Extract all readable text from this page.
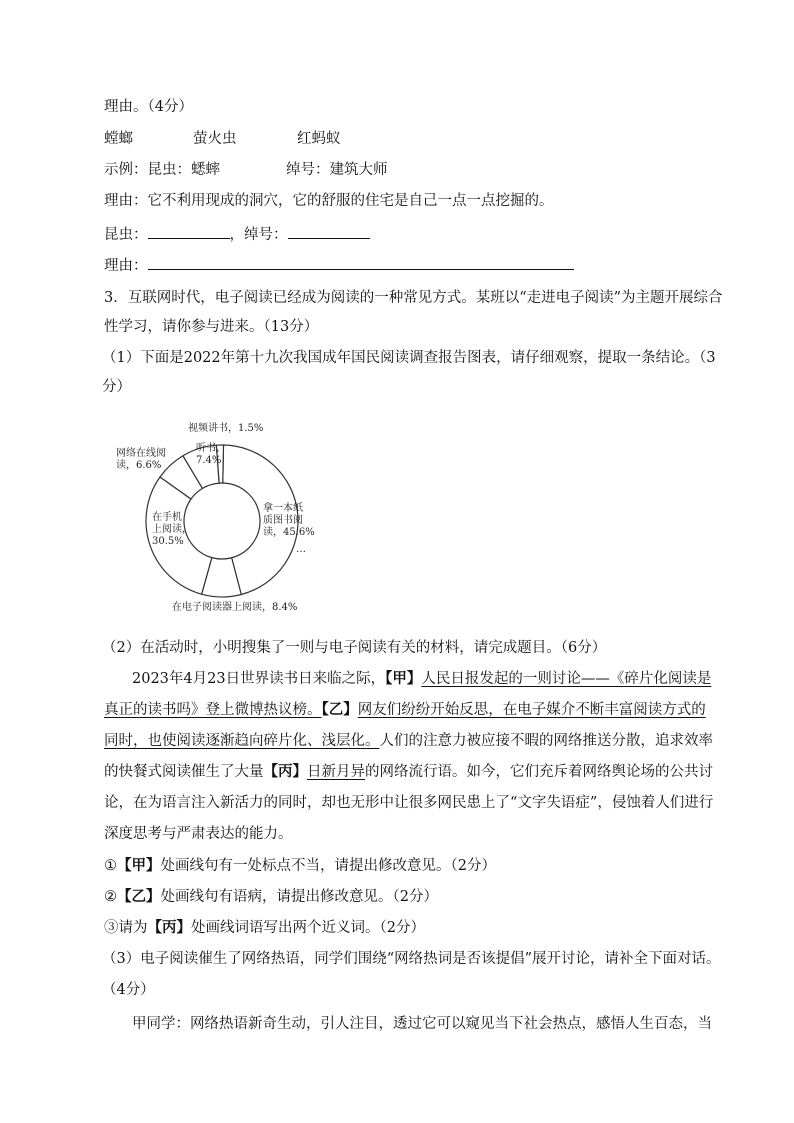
理由。（4分）
螳螂	萤火虫	红蚂蚁
示例：昆虫：蟋蟀	绰号：建筑大师
理由：它不利用现成的洞穴，它的舒服的住宅是自己一点一点挖掘的。
昆虫：	，绰号：
理由：
3．互联网时代，电子阅读已经成为阅读的一种常见方式。某班以“走进电子阅读”为主题开展综合
性学习，请你参与进来。（13分）
（1）下面是2022年第十九次我国成年国民阅读调查报告图表，请仔细观察，提取一条结论。（3
分）
视频讲书，1.5%
网络在线阅
读，6.6%
听书，
7.4%
在手机
上阅读，
30.5%
拿一本纸
质图书阅
读，45.6%
…
在电子阅读器上阅读，8.4%
（2）在活动时，小明搜集了一则与电子阅读有关的材料，请完成题目。（6分）
2023年4月23日世界读书日来临之际，【甲】人民日报发起的一则讨论——《碎片化阅读是
真正的读书吗》登上微博热议榜。【乙】网友们纷纷开始反思，在电子媒介不断丰富阅读方式的
同时，也使阅读逐渐趋向碎片化、浅层化。人们的注意力被应接不暇的网络推送分散，追求效率
的快餐式阅读催生了大量【丙】日新月异的网络流行语。如今，它们充斥着网络舆论场的公共讨
论，在为语言注入新活力的同时，却也无形中让很多网民患上了“文字失语症”，侵蚀着人们进行
深度思考与严肃表达的能力。
①【甲】处画线句有一处标点不当，请提出修改意见。（2分）
②【乙】处画线句有语病，请提出修改意见。（2分）
③请为【丙】处画线词语写出两个近义词。（2分）
（3）电子阅读催生了网络热语，同学们围绕“网络热词是否该提倡”展开讨论，请补全下面对话。
（4分）
甲同学：网络热语新奇生动，引人注目，透过它可以窥见当下社会热点，感悟人生百态，当
